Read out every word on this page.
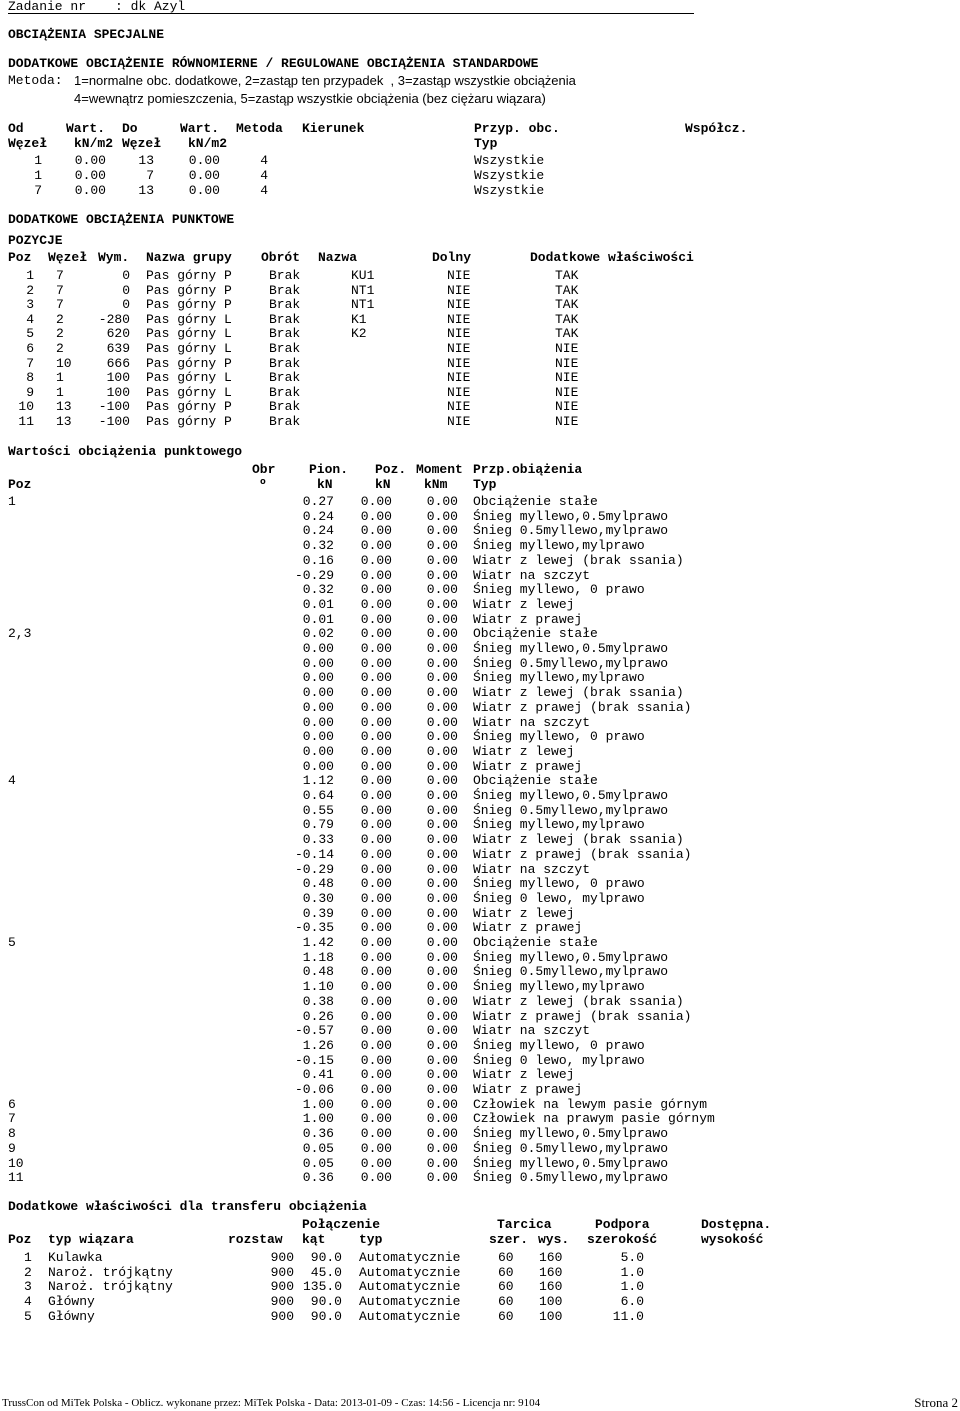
Zadanie nr : dk Azyl
OBCIĄŻENIA SPECJALNE
DODATKOWE OBCIĄŻENIE RÓWNOMIERNE / REGULOWANE OBCIĄŻENIA STANDARDOWE
Metoda: 1=normalne obc. dodatkowe, 2=zastąp ten przypadek  , 3=zastąp wszystkie obciążenia
4=wewnątrz pomieszczenia, 5=zastąp wszystkie obciążenia (bez ciężaru wiązara)
Od	Wart. Do	Wart. Metoda Kierunek	Przyp. obc.	Współcz.
Węzeł kN/m2 Węzeł kN/m2	Typ
1	0.00 13	0.00	4	Wszystkie
1	0.00	7	0.00	4	Wszystkie
7	0.00 13	0.00	4	Wszystkie
DODATKOWE OBCIĄŻENIA PUNKTOWE
POZYCJE
Poz Węzeł Wym. Nazwa grupy Obrót Nazwa	Dolny	Dodatkowe właściwości
1 7	0 Pas górny P	Brak	KU1	NIE	TAK
2 7	0 Pas górny P	Brak	NT1	NIE	TAK
3 7	0 Pas górny P	Brak	NT1	NIE	TAK
4 2	-280 Pas górny L	Brak	K1	NIE	TAK
5 2	620 Pas górny L	Brak	K2	NIE	TAK
6 2	639 Pas górny L	Brak	NIE	NIE
7 10	666 Pas górny P	Brak	NIE	NIE
8 1	100 Pas górny L	Brak	NIE	NIE
9 1	100 Pas górny L	Brak	NIE	NIE
10 13 -100 Pas górny P	Brak	NIE	NIE
11 13 -100 Pas górny P	Brak	NIE	NIE
Wartości obciążenia punktowego
Obr	Pion. Poz. Moment Przp.obiążenia
Poz	º	kN	kN	kNm Typ
1	0.27 0.00	0.00 Obciążenie stałe
0.24 0.00	0.00 Śnieg myllewo,0.5mylprawo
0.24 0.00	0.00 Śnieg 0.5myllewo,mylprawo
0.32 0.00	0.00 Śnieg myllewo,mylprawo
0.16 0.00	0.00 Wiatr z lewej (brak ssania)
-0.29 0.00	0.00 Wiatr na szczyt
0.32 0.00	0.00 Śnieg myllewo, 0 prawo
0.01 0.00	0.00 Wiatr z lewej
0.01 0.00	0.00 Wiatr z prawej
2,3	0.02 0.00	0.00 Obciążenie stałe
0.00 0.00	0.00 Śnieg myllewo,0.5mylprawo
0.00 0.00	0.00 Śnieg 0.5myllewo,mylprawo
0.00 0.00	0.00 Śnieg myllewo,mylprawo
0.00 0.00	0.00 Wiatr z lewej (brak ssania)
0.00 0.00	0.00 Wiatr z prawej (brak ssania)
0.00 0.00	0.00 Wiatr na szczyt
0.00 0.00	0.00 Śnieg myllewo, 0 prawo
0.00 0.00	0.00 Wiatr z lewej
0.00 0.00	0.00 Wiatr z prawej
4	1.12 0.00	0.00 Obciążenie stałe
0.64 0.00	0.00 Śnieg myllewo,0.5mylprawo
0.55 0.00	0.00 Śnieg 0.5myllewo,mylprawo
0.79 0.00	0.00 Śnieg myllewo,mylprawo
0.33 0.00	0.00 Wiatr z lewej (brak ssania)
-0.14 0.00	0.00 Wiatr z prawej (brak ssania)
-0.29 0.00	0.00 Wiatr na szczyt
0.48 0.00	0.00 Śnieg myllewo, 0 prawo
0.30 0.00	0.00 Śnieg 0 lewo, mylprawo
0.39 0.00	0.00 Wiatr z lewej
-0.35 0.00	0.00 Wiatr z prawej
5	1.42 0.00	0.00 Obciążenie stałe
1.18 0.00	0.00 Śnieg myllewo,0.5mylprawo
0.48 0.00	0.00 Śnieg 0.5myllewo,mylprawo
1.10 0.00	0.00 Śnieg myllewo,mylprawo
0.38 0.00	0.00 Wiatr z lewej (brak ssania)
0.26 0.00	0.00 Wiatr z prawej (brak ssania)
-0.57 0.00	0.00 Wiatr na szczyt
1.26 0.00	0.00 Śnieg myllewo, 0 prawo
-0.15 0.00	0.00 Śnieg 0 lewo, mylprawo
0.41 0.00	0.00 Wiatr z lewej
-0.06 0.00	0.00 Wiatr z prawej
6	1.00 0.00	0.00 Człowiek na lewym pasie górnym
7	1.00 0.00	0.00 Człowiek na prawym pasie górnym
8	0.36 0.00	0.00 Śnieg myllewo,0.5mylprawo
9	0.05 0.00	0.00 Śnieg 0.5myllewo,mylprawo
10	0.05 0.00	0.00 Śnieg myllewo,0.5mylprawo
11	0.36 0.00	0.00 Śnieg 0.5myllewo,mylprawo
Dodatkowe właściwości dla transferu obciążenia
Połączenie	Tarcica	Podpora	Dostępna.
Poz typ wiązara	rozstaw kąt	typ	szer. wys. szerokość	wysokość
1 Kulawka	900 90.0 Automatycznie	60 160	5.0
2 Naroż. trójkątny	900 45.0 Automatycznie	60 160	1.0
3 Naroż. trójkątny	900 135.0 Automatycznie	60 160	1.0
4 Główny	900 90.0 Automatycznie	60 100	6.0
5 Główny	900 90.0 Automatycznie	60 100	11.0
TrussCon od MiTek Polska - Oblicz. wykonane przez: MiTek Polska - Data: 2013-01-09 - Czas: 14:56 - Licencja nr: 9104	Strona 2
